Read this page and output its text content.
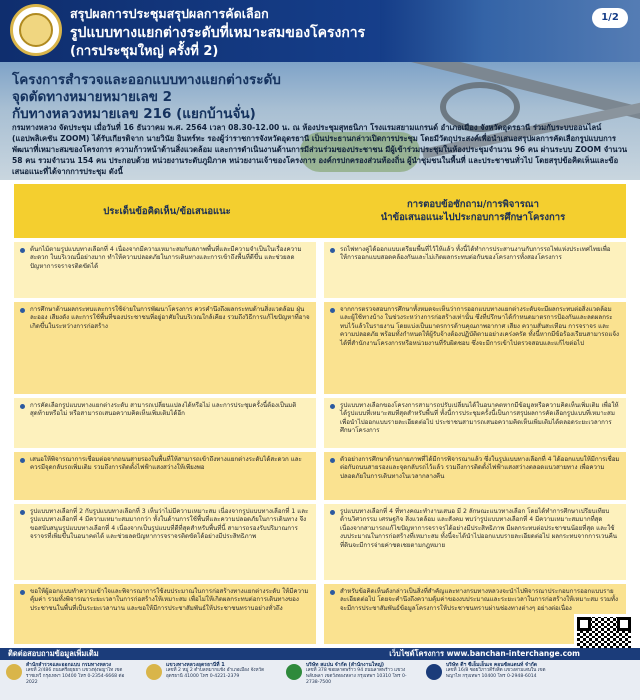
สรุปผลการประชุมสรุปผลการคัดเลือก
รูปแบบทางแยกต่างระดับที่เหมาะสมของโครงการ
(การประชุมใหญ่ ครั้งที่ 2)
1/2
โครงการสำรวจและออกแบบทางแยกต่างระดับ
จุดตัดทางหมายหมายเลข 2
กับทางหลวงหมายเลข 216 (แยกบ้านจั่น)
กรมทางหลวง จัดประชุม เมื่อวันที่ 16 ธันวาคม พ.ศ. 2564 เวลา 08.30-12.00 น. ณ ห้องประชุมสุทธนิภา โรงแรมสยามแกรนด์ อำเภอเมือง จังหวัดอุดรธานี ร่วมกับระบบออนไลน์ (แอปพลิเคชัน ZOOM) ได้รับเกียรติจาก นายวินัย อินทร์ทะ รองผู้ว่าราชการจังหวัดอุดรธานี เป็นประธานกล่าวเปิดการประชุม โดยมีวัตถุประสงค์เพื่อนำเสนอสรุปผลการคัดเลือกรูปแบบการพัฒนาที่เหมาะสมของโครงการ ความก้าวหน้าด้านสิ่งแวดล้อม และการดำเนินงานด้านการมีส่วนร่วมของประชาชน มีผู้เข้าร่วมประชุมในห้องประชุมจำนวน 96 คน ผ่านระบบ ZOOM จำนวน 58 คน รวมจำนวน 154 คน ประกอบด้วย หน่วยงานระดับภูมิภาค หน่วยงานเจ้าของโครงการ องค์กรปกครองส่วนท้องถิ่น ผู้นำชุมชนในพื้นที่ และประชาชนทั่วไป โดยสรุปข้อคิดเห็นและข้อเสนอแนะที่ได้จากการประชุม ดังนี้
ประเด็นข้อคิดเห็น/ข้อเสนอแนะ
การตอบข้อซักถาม/การพิจารณา
นำข้อเสนอแนะไปประกอบการศึกษาโครงการ
ต้นกไม้ตามรูปแบบทางเลือกที่ 4 เนื่องจากมีความเหมาะสมกับสภาพพื้นที่และมีความจำเป็นในเรื่องความสะดวก ในบริเวณนี้อย่างมาก ทำให้ความปลอดภัยในการเดินทางและการเข้าถึงพื้นที่ดีขึ้น และช่วยลดปัญหาการจราจรติดขัดได้
รถไฟทางคู่ได้ออกแบบเตรียมพื้นที่ไว้ให้แล้ว ทั้งนี้ได้ทำการประสานงานกับการรถไฟแห่งประเทศไทยเพื่อให้การออกแบบสอดคล้องกันและไม่เกิดผลกระทบต่อกันของโครงการทั้งสองโครงการ
การศึกษาด้านผลกระทบและการใช้จ่ายในการพัฒนาโครงการ ควรคำนึงถึงผลกระทบด้านสิ่งแวดล้อม ฝุ่นละออง เสียงดัง และการใช้พื้นที่ของประชาชนที่อยู่อาศัยในบริเวณใกล้เคียง รวมถึงวิธีการแก้ไขปัญหาที่อาจเกิดขึ้นในระหว่างการก่อสร้าง
จากการตรวจสอบการศึกษาทั้งหมดจะเห็นว่าการออกแบบทางแยกต่างระดับจะมีผลกระทบต่อสิ่งแวดล้อมและผู้ใช้ทางบ้าง ในช่วงระหว่างการก่อสร้างเท่านั้น ซึ่งที่ปรึกษาได้กำหนดมาตรการป้องกันและลดผลกระทบไว้แล้วในรายงาน โดยแบ่งเป็นมาตรการด้านคุณภาพอากาศ เสียง ความสั่นสะเทือน การจราจร และความปลอดภัย พร้อมทั้งกำหนดให้ผู้รับจ้างต้องปฏิบัติตามอย่างเคร่งครัด ทั้งนี้หากมีข้อร้องเรียนสามารถแจ้งได้ที่สำนักงานโครงการหรือหน่วยงานที่รับผิดชอบ ซึ่งจะมีการเข้าไปตรวจสอบและแก้ไขต่อไป
การคัดเลือกรูปแบบทางแยกต่างระดับ สามารถเปลี่ยนแปลงได้หรือไม่ และการประชุมครั้งนี้ต้องเป็นมติสุดท้ายหรือไม่ หรือสามารถเสนอความคิดเห็นเพิ่มเติมได้อีก
รูปแบบทางเลือกของโครงการสามารถปรับเปลี่ยนได้ในอนาคตหากมีข้อมูลหรือความคิดเห็นเพิ่มเติม เพื่อให้ได้รูปแบบที่เหมาะสมที่สุดสำหรับพื้นที่ ทั้งนี้การประชุมครั้งนี้เป็นการสรุปผลการคัดเลือกรูปแบบที่เหมาะสมเพื่อนำไปออกแบบรายละเอียดต่อไป ประชาชนสามารถเสนอความคิดเห็นเพิ่มเติมได้ตลอดระยะเวลาการศึกษาโครงการ
เสนอให้พิจารณาการเชื่อมต่อจากถนนสายรองในพื้นที่ให้สามารถเข้าถึงทางแยกต่างระดับได้สะดวก และควรมีจุดกลับรถเพิ่มเติม รวมถึงการติดตั้งไฟฟ้าแสงสว่างให้เพียงพอ
ตัวอย่างการศึกษาด้านกายภาพที่ได้มีการพิจารณาแล้ว ซึ่งในรูปแบบทางเลือกที่ 4 ได้ออกแบบให้มีการเชื่อมต่อกับถนนสายรองและจุดกลับรถไว้แล้ว รวมถึงการติดตั้งไฟฟ้าแสงสว่างตลอดแนวสายทาง เพื่อความปลอดภัยในการเดินทางในเวลากลางคืน
รูปแบบทางเลือกที่ 2 กับรูปแบบทางเลือกที่ 3 เห็นว่าไม่มีความเหมาะสม เนื่องจากรูปแบบทางเลือกที่ 1 และรูปแบบทางเลือกที่ 4 มีความเหมาะสมมากกว่า ทั้งในด้านการใช้พื้นที่และความปลอดภัยในการเดินทาง จึงขอสนับสนุนรูปแบบทางเลือกที่ 4 เนื่องจากเป็นรูปแบบที่ดีที่สุดสำหรับพื้นที่นี้ สามารถรองรับปริมาณการจราจรที่เพิ่มขึ้นในอนาคตได้ และช่วยลดปัญหาการจราจรติดขัดได้อย่างมีประสิทธิภาพ
รูปแบบทางเลือกที่ 4 ที่ทางคณะทำงานเสนอ มี 2 ลักษณะแนวทางเลือก โดยได้ทำการศึกษาเปรียบเทียบด้านวิศวกรรม เศรษฐกิจ สิ่งแวดล้อม และสังคม พบว่ารูปแบบทางเลือกที่ 4 มีความเหมาะสมมากที่สุด เนื่องจากสามารถแก้ไขปัญหาการจราจรได้อย่างมีประสิทธิภาพ มีผลกระทบต่อประชาชนน้อยที่สุด และใช้งบประมาณในการก่อสร้างที่เหมาะสม ทั้งนี้จะได้นำไปออกแบบรายละเอียดต่อไป ผลกระทบจากการเวนคืนที่ดินจะมีการจ่ายค่าชดเชยตามกฎหมาย
ขอให้ผู้ออกแบบทำความเข้าใจและพิจารณาการใช้งบประมาณในการก่อสร้างทางแยกต่างระดับ ให้มีความคุ้มค่า รวมทั้งพิจารณาระยะเวลาในการก่อสร้างให้เหมาะสม เพื่อไม่ให้เกิดผลกระทบต่อการเดินทางของประชาชนในพื้นที่เป็นระยะเวลานาน และขอให้มีการประชาสัมพันธ์ให้ประชาชนทราบอย่างทั่วถึง
สำหรับข้อคิดเห็นดังกล่าวเป็นสิ่งที่สำคัญและทางกรมทางหลวงจะนำไปพิจารณาประกอบการออกแบบรายละเอียดต่อไป โดยจะคำนึงถึงความคุ้มค่าของงบประมาณและระยะเวลาในการก่อสร้างให้เหมาะสม รวมทั้งจะมีการประชาสัมพันธ์ข้อมูลโครงการให้ประชาชนทราบผ่านช่องทางต่างๆ อย่างต่อเนื่อง
ติดต่อสอบถามข้อมูลเพิ่มเติม	เว็บไซต์โครงการ www.banchan-interchange.com
สำนักสำรวจและออกแบบ กรมทางหลวง
เลขที่ 2/486 ถนนศรีอยุธยา แขวงทุ่งพญาไท เขตราชเทวี กรุงเทพฯ 10400 โทร 0-2354-6668 ต่อ 2022
แขวงทางหลวงอุดรธานีที่ 1
เลขที่ 2 หมู่ 2 ตำบลหมากแข้ง อำเภอเมือง จังหวัดอุดรธานี 41000 โทร 0-4221-2379
บริษัท สแปน จำกัด (สำนักงานใหญ่)
เลขที่ 378 ซอยลาดพร้าว 94 ถนนลาดพร้าว แขวงพลับพลา เขตวังทองหลาง กรุงเทพฯ 10310 โทร 0-2738-7500
บริษัท ดีฯ ซีเอ็มเอ็นเจ คอนซัลแตนท์ จำกัด
เลขที่ 16/8 ซอยวิภาวดีรังสิต แขวงสามเสนใน เขตพญาไท กรุงเทพฯ 10400 โทร 0-2948-6014
